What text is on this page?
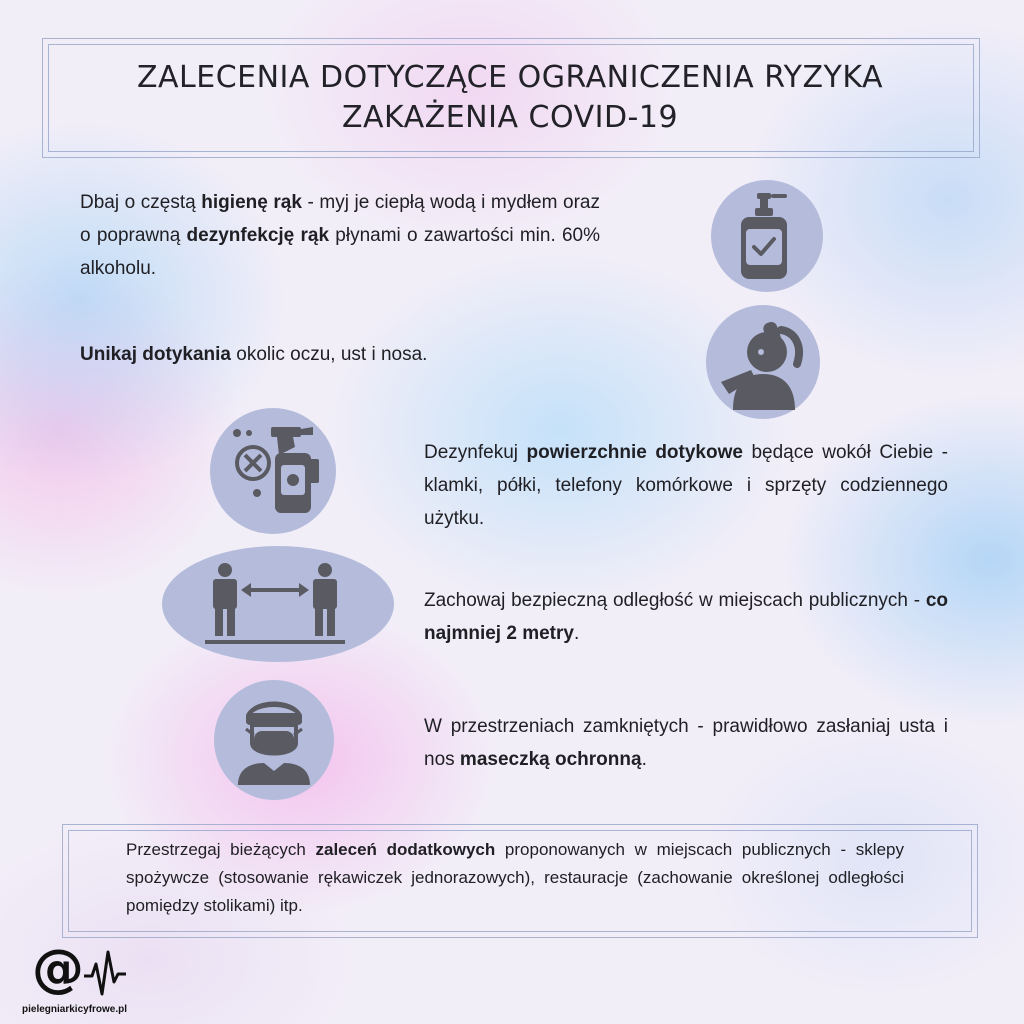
ZALECENIA DOTYCZĄCE OGRANICZENIA RYZYKA
ZAKAŻENIA COVID-19

Dbaj o częstą higienę rąk - myj je ciepłą wodą i mydłem oraz o poprawną dezynfekcję rąk płynami o zawartości min. 60% alkoholu.

Unikaj dotykania okolic oczu, ust i nosa.

Dezynfekuj powierzchnie dotykowe będące wokół Ciebie - klamki, półki, telefony komórkowe i sprzęty codziennego użytku.

Zachowaj bezpieczną odległość w miejscach publicznych - co najmniej 2 metry.

W przestrzeniach zamkniętych - prawidłowo zasłaniaj usta i nos maseczką ochronną.

Przestrzegaj bieżących zaleceń dodatkowych proponowanych w miejscach publicznych - sklepy spożywcze (stosowanie rękawiczek jednorazowych), restauracje (zachowanie określonej odległości pomiędzy stolikami) itp.

@
pielegniarkicyfrowe.pl
